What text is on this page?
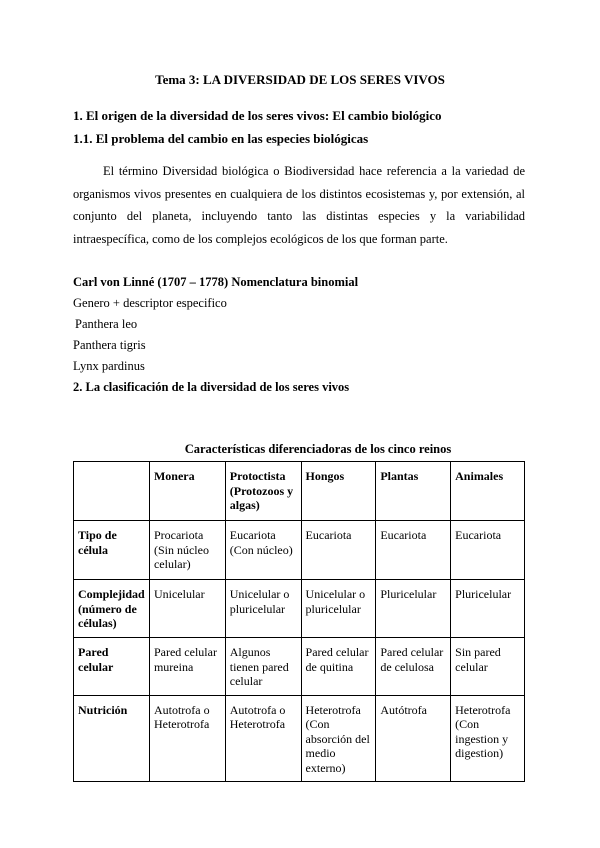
Tema 3: LA DIVERSIDAD DE LOS SERES VIVOS
1. El origen de la diversidad de los seres vivos: El cambio biológico
1.1. El problema del cambio en las especies biológicas
El término Diversidad biológica o Biodiversidad hace referencia a la variedad de organismos vivos presentes en cualquiera de los distintos ecosistemas y, por extensión, al conjunto del planeta, incluyendo tanto las distintas especies y la variabilidad intraespecífica, como de los complejos ecológicos de los que forman parte.
Carl von Linné (1707 – 1778) Nomenclatura binomial
Genero + descriptor especifico
Panthera leo
Panthera tigris
Lynx pardinus
2. La clasificación de la diversidad de los seres vivos
Características diferenciadoras de los cinco reinos
	Monera	Protoctista (Protozoos y algas)	Hongos	Plantas	Animales
Tipo de célula	Procariota (Sin núcleo celular)	Eucariota (Con núcleo)	Eucariota	Eucariota	Eucariota
Complejidad (número de células)	Unicelular	Unicelular o pluricelular	Unicelular o pluricelular	Pluricelular	Pluricelular
Pared celular	Pared celular mureina	Algunos tienen pared celular	Pared celular de quitina	Pared celular de celulosa	Sin pared celular
Nutrición	Autotrofa o Heterotrofa	Autotrofa o Heterotrofa	Heterotrofa (Con absorción del medio externo)	Autótrofa	Heterotrofa (Con ingestion y digestion)
